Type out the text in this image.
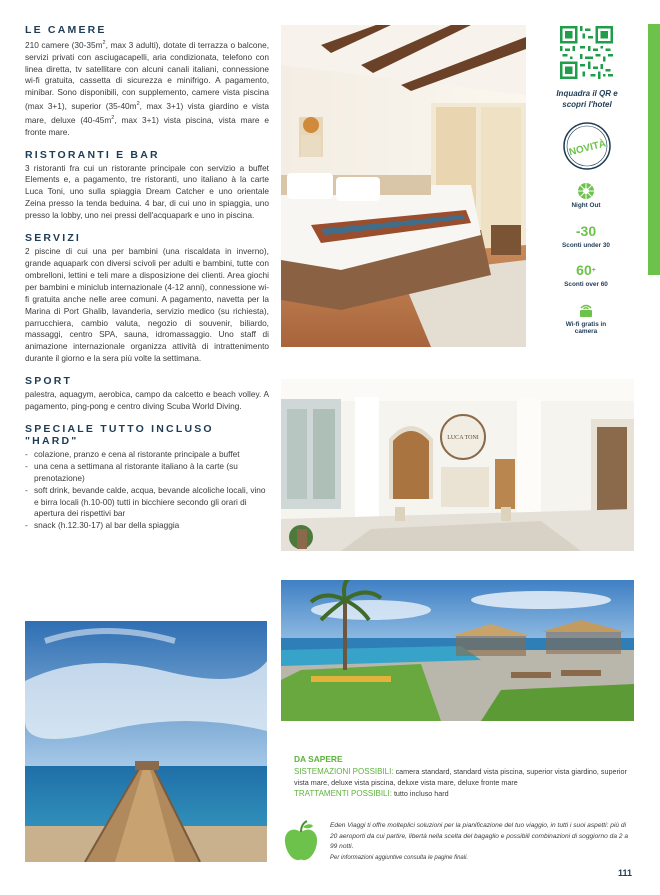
LE CAMERE

210 camere ($30-35m^2$, max 3 adulti), dotate di terrazza o balcone, servizi privati con asciugacapelli, aria condizionata, telefono con linea diretta, tv satellitare con alcuni canali italiani, connessione wi-fi gratuita, cassetta di sicurezza e minifrigo. A pagamento, minibar. Sono disponibili, con supplemento, camere vista piscina (max 3+1), superior ($35-40m^2$, max 3+1) vista giardino e vista mare, deluxe ($40-45m^2$, max 3+1) vista piscina, vista mare e fronte mare.

RISTORANTI E BAR

3 ristoranti fra cui un ristorante principale con servizio a buffet Elements e, a pagamento, tre ristoranti, uno italiano à la carte Luca Toni, uno sulla spiaggia Dream Catcher e uno orientale Zeina presso la tenda beduina. 4 bar, di cui uno in spiaggia, uno presso la lobby, uno nei pressi dell'acquapark e uno in piscina.

SERVIZI

2 piscine di cui una per bambini (una riscaldata in inverno), grande aquapark con diversi scivoli per adulti e bambini, tutte con ombrelloni, lettini e teli mare a disposizione dei clienti. Area giochi per bambini e miniclub internazionale (4-12 anni), connessione wi-fi gratuita anche nelle aree comuni. A pagamento, navetta per la Marina di Port Ghalib, lavanderia, servizio medico (su richiesta), parrucchiera, cambio valuta, negozio di souvenir, biliardo, massaggi, centro SPA, sauna, idromassaggio. Uno staff di animazione internazionale organizza attività di intrattenimento durante il giorno e la sera più volte la settimana.

SPORT

palestra, aquagym, aerobica, campo da calcetto e beach volley. A pagamento, ping-pong e centro diving Scuba World Diving.

SPECIALE TUTTO INCLUSO "HARD"
- colazione, pranzo e cena al ristorante principale a buffet
- una cena a settimana al ristorante italiano à la carte (su prenotazione)
- soft drink, bevande calde, acqua, bevande alcoliche locali, vino e birra locali (h.10-00) tutti in bicchiere secondo gli orari di apertura dei rispettivi bar
- snack (h.12.30-17) al bar della spiaggia
LUCA TONI
Inquadra il QR e scopri l'hotel
NOVITÀ
Night Out
-30
Sconti under 30
60 +
Sconti over 60
Wi-fi gratis in camera
DA SAPERE
SISTEMAZIONI POSSIBILI: camera standard, standard vista piscina, superior vista giardino, superior vista mare, deluxe vista piscina, deluxe vista mare, deluxe fronte mare
TRATTAMENTI POSSIBILI: tutto incluso hard
Eden Viaggi ti offre molteplici soluzioni per la pianificazione del tuo viaggio, in tutti i suoi aspetti: più di 20 aeroporti da cui partire, libertà nella scelta del bagaglio e possibili combinazioni di soggiorno da 2 a 99 notti.
Per informazioni aggiuntive consulta le pagine finali.
111
